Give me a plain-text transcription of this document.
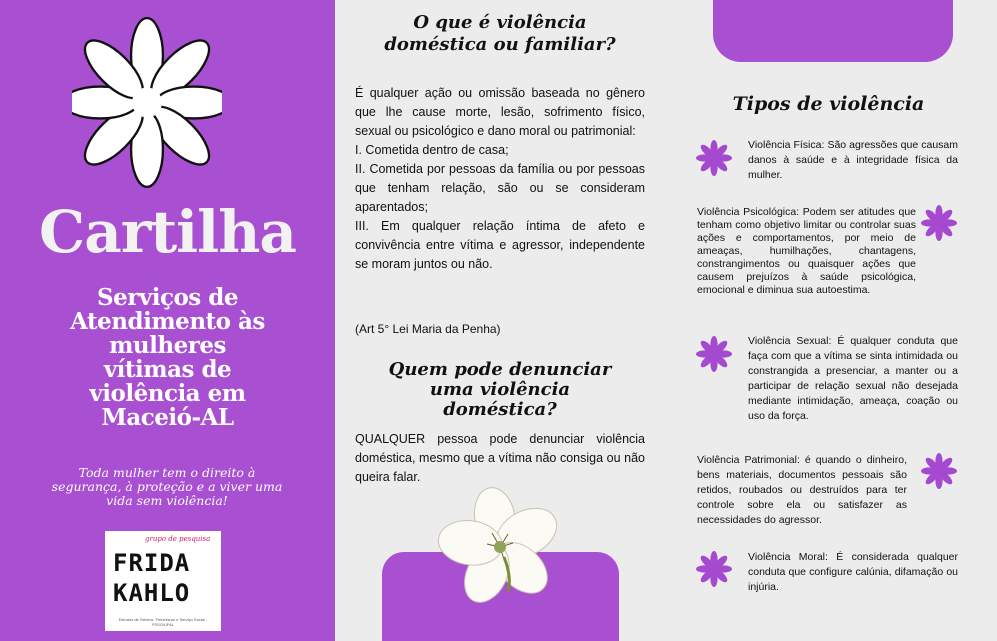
Cartilha
Serviços de
Atendimento às
mulheres
vítimas de
violência em
Maceió-AL
Toda mulher tem o direito à
segurança, à proteção e a viver uma
vida sem violência!
grupo de pesquisa
FRIDA
KAHLO
Estudos de Gênero, Feminismo e Serviço Social - FSSO/UFAL
O que é violência
doméstica ou familiar?
É qualquer ação ou omissão baseada no gênero que lhe cause morte, lesão, sofrimento físico, sexual ou psicológico e dano moral ou patrimonial:
I. Cometida dentro de casa;
II. Cometida por pessoas da família ou por pessoas que tenham relação, são ou se consideram aparentados;
III. Em qualquer relação íntima de afeto e convivência entre vítima e agressor, independente se moram juntos ou não.
(Art 5° Lei Maria da Penha)
Quem pode denunciar
uma violência
doméstica?
QUALQUER pessoa pode denunciar violência doméstica, mesmo que a vítima não consiga ou não queira falar.
Tipos de violência
Violência Física: São agressões que causam danos à saúde e à integridade física da mulher.
Violência Psicológica: Podem ser atitudes que tenham como objetivo limitar ou controlar suas ações e comportamentos, por meio de ameaças, humilhações, chantagens, constrangimentos ou quaisquer ações que causem prejuízos à saúde psicológica, emocional e diminua sua autoestima.
Violência Sexual: É qualquer conduta que faça com que a vítima se sinta intimidada ou constrangida a presenciar, a manter ou a participar de relação sexual não desejada mediante intimidação, ameaça, coação ou uso da força.
Violência Patrimonial: é quando o dinheiro, bens materiais, documentos pessoais são retidos, roubados ou destruídos para ter controle sobre ela ou satisfazer as necessidades do agressor.
Violência Moral: É considerada qualquer conduta que configure calúnia, difamação ou injúria.
